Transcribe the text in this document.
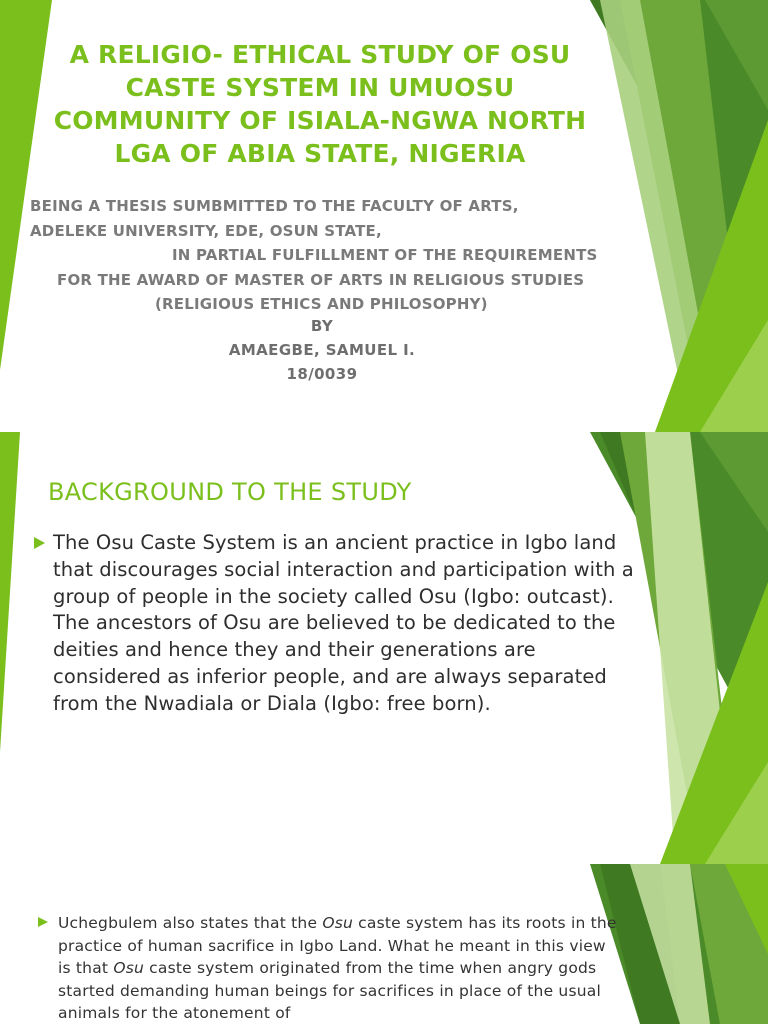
A RELIGIO- ETHICAL STUDY OF OSU CASTE SYSTEM IN UMUOSU COMMUNITY OF ISIALA-NGWA NORTH LGA OF ABIA STATE, NIGERIA
BEING A THESIS SUMBMITTED TO THE FACULTY OF ARTS,
ADELEKE UNIVERSITY, EDE, OSUN STATE,
IN PARTIAL FULFILLMENT OF THE REQUIREMENTS
FOR THE AWARD OF MASTER OF ARTS IN RELIGIOUS STUDIES
(RELIGIOUS ETHICS AND PHILOSOPHY)
BY
AMAEGBE, SAMUEL I.
18/0039
BACKGROUND TO THE STUDY

The Osu Caste System is an ancient practice in Igbo land that discourages social interaction and participation with a group of people in the society called Osu (Igbo: outcast). The ancestors of Osu are believed to be dedicated to the deities and hence they and their generations are considered as inferior people, and are always separated from the Nwadiala or Diala (Igbo: free born).

Uchegbulem also states that the Osu caste system has its roots in the practice of human sacrifice in Igbo Land. What he meant in this view is that Osu caste system originated from the time when angry gods started demanding human beings for sacrifices in place of the usual animals for the atonement of
